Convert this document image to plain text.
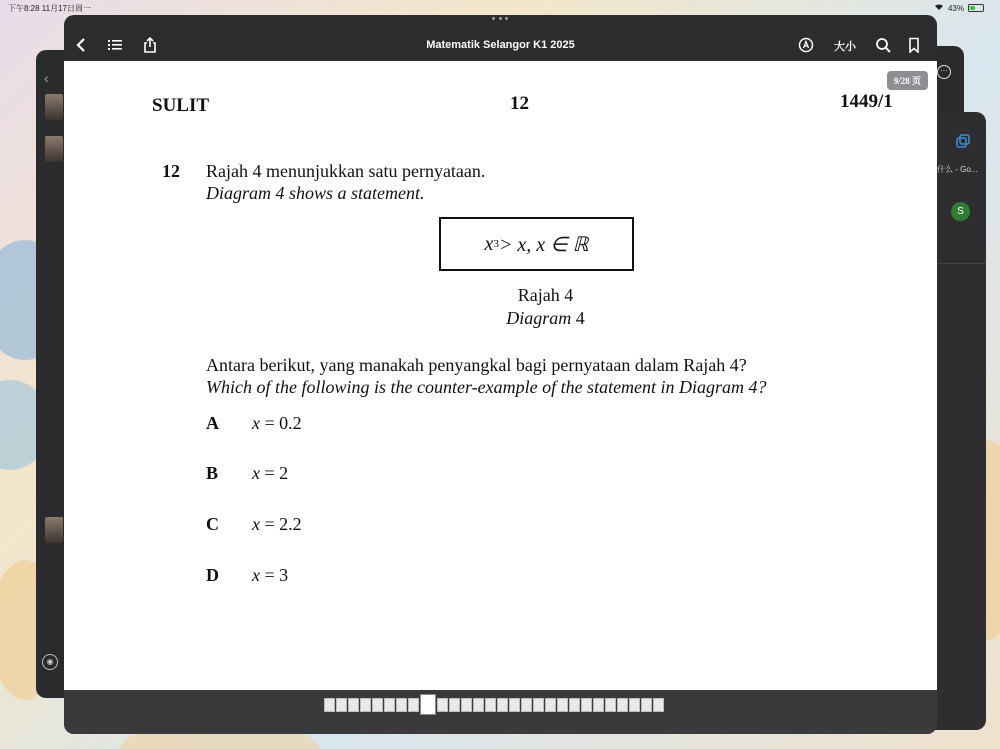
下午8:28 11月17日周一	43%
‹
◉
···
什么 - Go...
S
Matematik Selangor K1 2025	大小
9/28 页
SULIT	12	1449/1
12 Rajah 4 menunjukkan satu pernyataan.
Diagram 4 shows a statement.
x 3 > x, x ∈ ℝ
Rajah 4
Diagram 4
Antara berikut, yang manakah penyangkal bagi pernyataan dalam Rajah 4?
Which of the following is the counter-example of the statement in Diagram 4?
A	x = 0.2
B	x = 2
C	x = 2.2
D	x = 3
